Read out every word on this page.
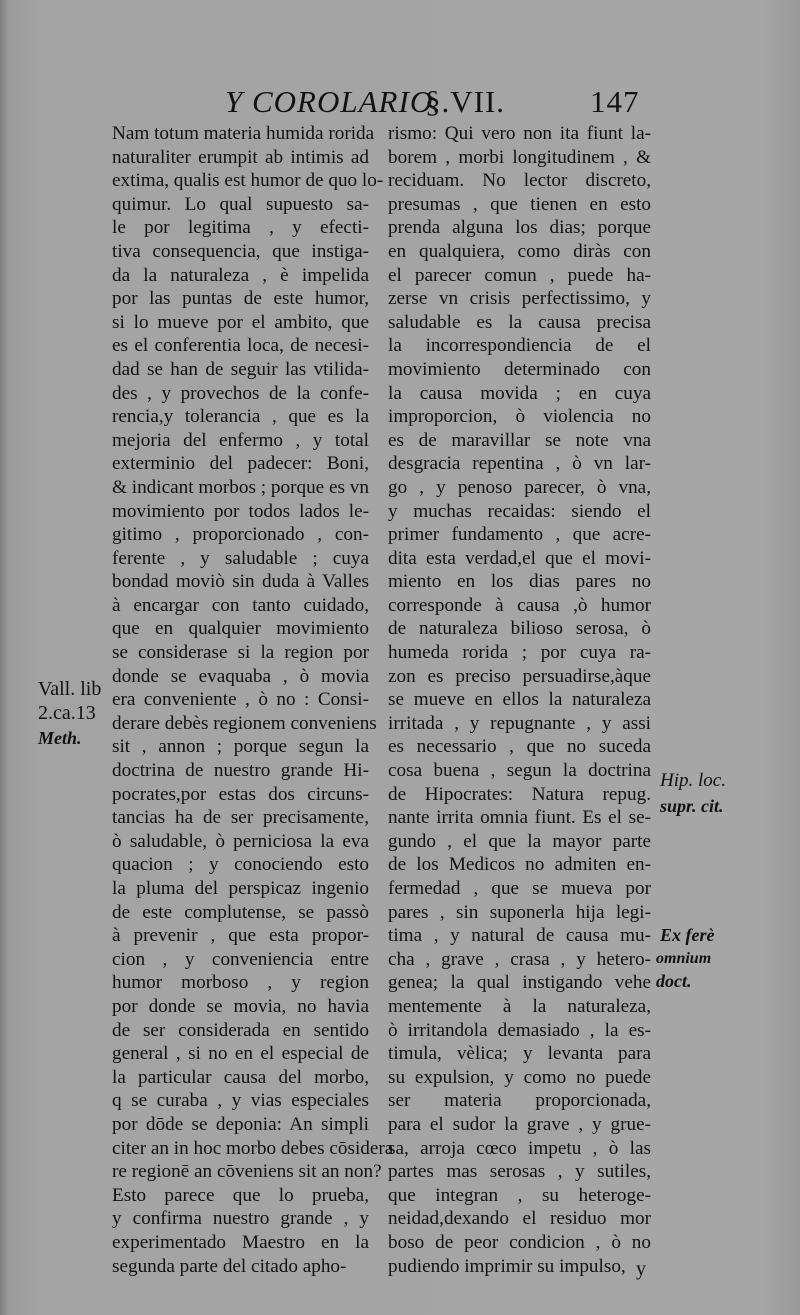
Y COROLARIO.
§.VII.	147
Nam totum materia humida rorida
naturaliter erumpit ab intimis ad
extima, qualis est humor de quo lo-
quimur. Lo qual supuesto sa-
le por legitima , y efecti-
tiva consequencia, que instiga-
da la naturaleza , è impelida
por las puntas de este humor,
si lo mueve por el ambito, que
es el conferentia loca, de necesi-
dad se han de seguir las vtilida-
des , y provechos de la confe-
rencia,y tolerancia , que es la
mejoria del enfermo , y total
exterminio del padecer: Boni,
& indicant morbos ; porque es vn
movimiento por todos lados le-
gitimo , proporcionado , con-
ferente , y saludable ; cuya
bondad moviò sin duda à Valles
à encargar con tanto cuidado,
que en qualquier movimiento
se considerase si la region por
donde se evaquaba , ò movia
era conveniente , ò no : Consi-
derare debès regionem conveniens
sit , annon ; porque segun la
doctrina de nuestro grande Hi-
pocrates,por estas dos circuns-
tancias ha de ser precisamente,
ò saludable, ò perniciosa la eva
quacion ; y conociendo esto
la pluma del perspicaz ingenio
de este complutense, se passò
à prevenir , que esta propor-
cion , y conveniencia entre
humor morboso , y region
por donde se movia, no havia
de ser considerada en sentido
general , si no en el especial de
la particular causa del morbo,
q se curaba , y vias especiales
por dōde se deponia: An simpli
citer an in hoc morbo debes cōsidera
re regionē an cōveniens sit an non?
Esto parece que lo prueba,
y confirma nuestro grande , y
experimentado Maestro en la
segunda parte del citado apho-
rismo: Qui vero non ita fiunt la-
borem , morbi longitudinem , &
reciduam. No lector discreto,
presumas , que tienen en esto
prenda alguna los dias; porque
en qualquiera, como diràs con
el parecer comun , puede ha-
zerse vn crisis perfectissimo, y
saludable es la causa precisa
la incorrespondiencia de el
movimiento determinado con
la causa movida ; en cuya
improporcion, ò violencia no
es de maravillar se note vna
desgracia repentina , ò vn lar-
go , y penoso parecer, ò vna,
y muchas recaidas: siendo el
primer fundamento , que acre-
dita esta verdad,el que el movi-
miento en los dias pares no
corresponde à causa ,ò humor
de naturaleza bilioso serosa, ò
humeda rorida ; por cuya ra-
zon es preciso persuadirse,àque
se mueve en ellos la naturaleza
irritada , y repugnante , y assi
es necessario , que no suceda
cosa buena , segun la doctrina
de Hipocrates: Natura repug.
nante irrita omnia fiunt. Es el se-
gundo , el que la mayor parte
de los Medicos no admiten en-
fermedad , que se mueva por
pares , sin suponerla hija legi-
tima , y natural de causa mu-
cha , grave , crasa , y hetero-
genea; la qual instigando vehe
mentemente à la naturaleza,
ò irritandola demasiado , la es-
timula, vèlica; y levanta para
su expulsion, y como no puede
ser materia proporcionada,
para el sudor la grave , y grue-
sa, arroja cœco impetu , ò las
partes mas serosas , y sutiles,
que integran , su heteroge-
neidad,dexando el residuo mor
boso de peor condicion , ò no
pudiendo imprimir su impulso,
Vall. lib
2.ca.13
Meth.
Hip. loc.
supr. cit.
Ex ferè
omnium
doct.
y
